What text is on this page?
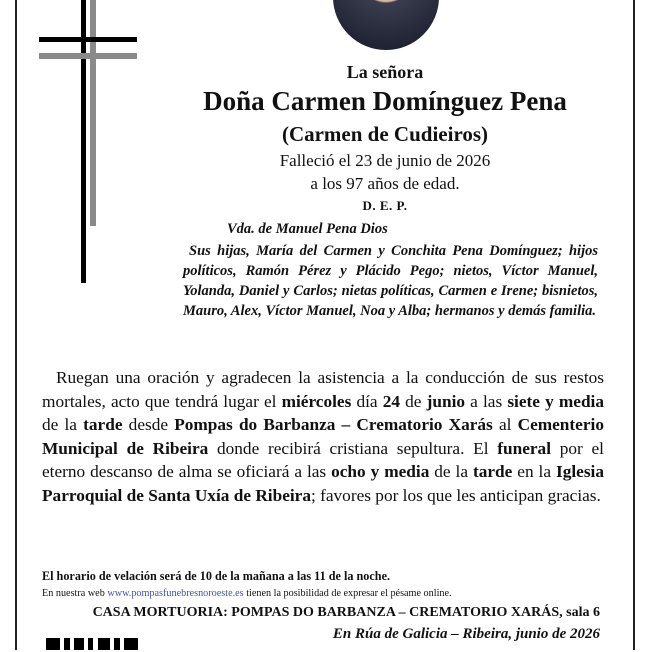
La señora
Doña Carmen Domínguez Pena
(Carmen de Cudieiros)
Falleció el 23 de junio de 2026
a los 97 años de edad.
D. E. P.
Vda. de Manuel Pena Dios
Sus hijas, María del Carmen y Conchita Pena Domínguez; hijos políticos, Ramón Pérez y Plácido Pego; nietos, Víctor Manuel, Yolanda, Daniel y Carlos; nietas políticas, Carmen e Irene; bisnietos, Mauro, Alex, Víctor Manuel, Noa y Alba; hermanos y demás familia.
Ruegan una oración y agradecen la asistencia a la conducción de sus restos mortales, acto que tendrá lugar el miércoles día 24 de junio a las siete y media de la tarde desde Pompas do Barbanza – Crematorio Xarás al Cementerio Municipal de Ribeira donde recibirá cristiana sepultura. El funeral por el eterno descanso de alma se oficiará a las ocho y media de la tarde en la Iglesia Parroquial de Santa Uxía de Ribeira; favores por los que les anticipan gracias.
El horario de velación será de 10 de la mañana a las 11 de la noche.
En nuestra web www.pompasfunebresnoroeste.es tienen la posibilidad de expresar el pésame online.
CASA MORTUORIA: POMPAS DO BARBANZA – CREMATORIO XARÁS, sala 6
En Rúa de Galicia – Ribeira, junio de 2026
